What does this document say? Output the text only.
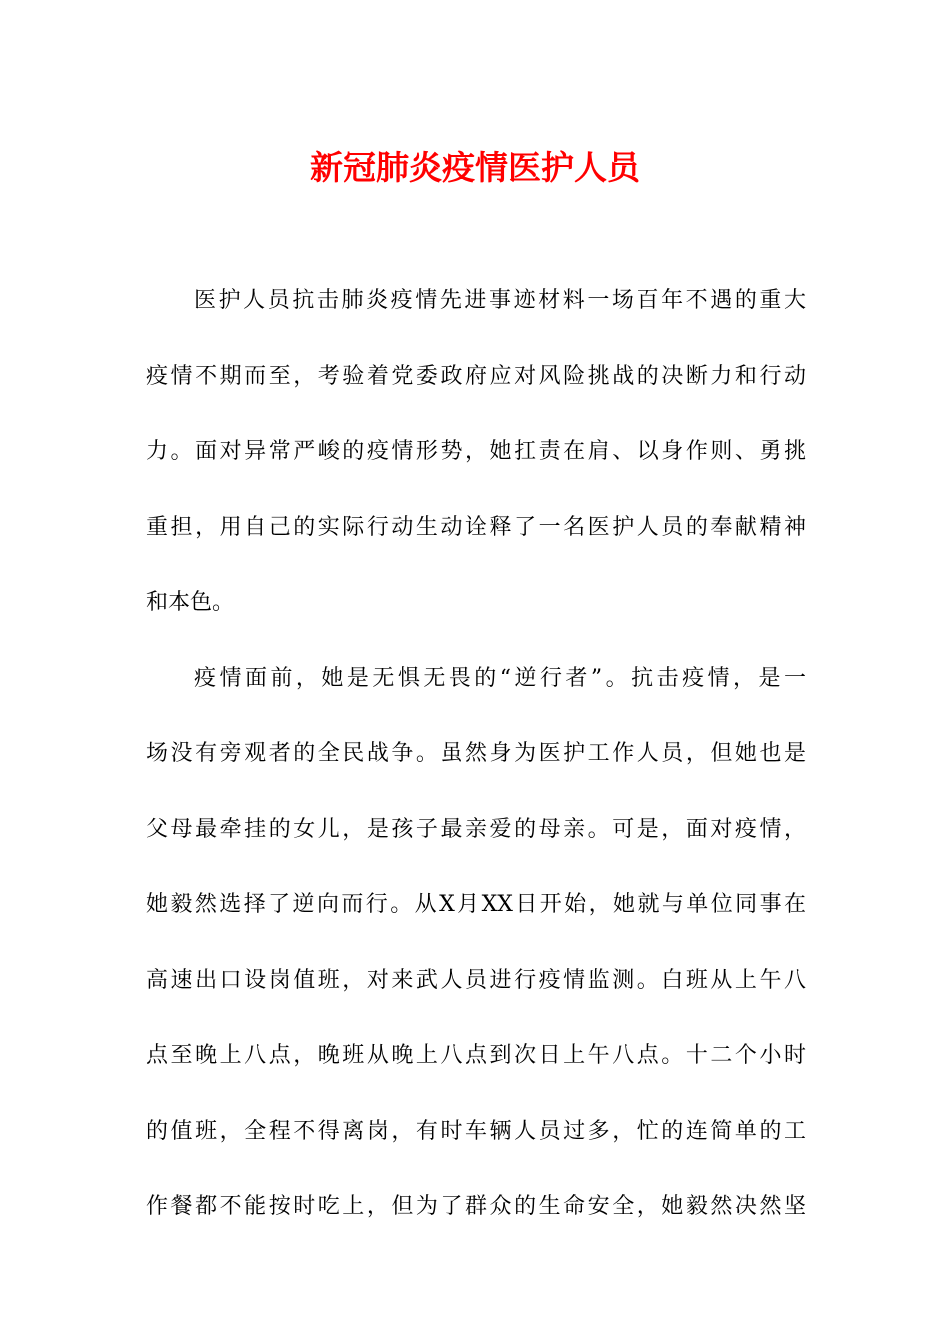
新冠肺炎疫情医护人员
医护人员抗击肺炎疫情先进事迹材料一场百年不遇的重大
疫情不期而至，考验着党委政府应对风险挑战的决断力和行动
力。面对异常严峻的疫情形势，她扛责在肩、以身作则、勇挑
重担，用自己的实际行动生动诠释了一名医护人员的奉献精神
和本色。
疫情面前，她是无惧无畏的“逆行者”。抗击疫情，是一
场没有旁观者的全民战争。虽然身为医护工作人员，但她也是
父母最牵挂的女儿，是孩子最亲爱的母亲。可是，面对疫情，
她毅然选择了逆向而行。从X月XX日开始，她就与单位同事在
高速出口设岗值班，对来武人员进行疫情监测。白班从上午八
点至晚上八点，晚班从晚上八点到次日上午八点。十二个小时
的值班，全程不得离岗，有时车辆人员过多，忙的连简单的工
作餐都不能按时吃上，但为了群众的生命安全，她毅然决然坚
